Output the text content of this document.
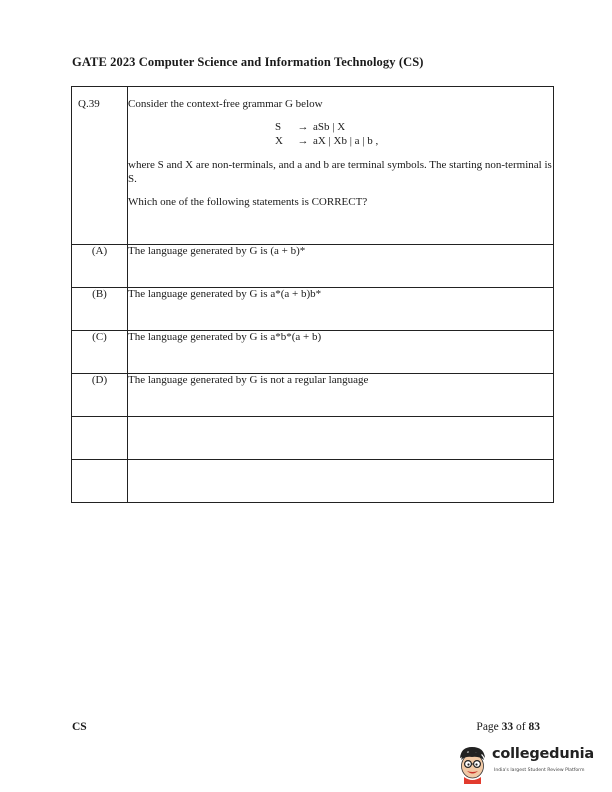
GATE 2023 Computer Science and Information Technology (CS)
Q.39	Consider the context-free grammar G below
S → aSb | X
X → aX | Xb | a | b ,
where S and X are non-terminals, and a and b are terminal symbols. The starting non-terminal is S.
Which one of the following statements is CORRECT?

(A)	The language generated by G is (a + b)*
(B)	The language generated by G is a*(a + b)b*
(C)	The language generated by G is a*b*(a + b)
(D)	The language generated by G is not a regular language

CS	Page 33 of 83
collegedunia
India's largest Student Review Platform
